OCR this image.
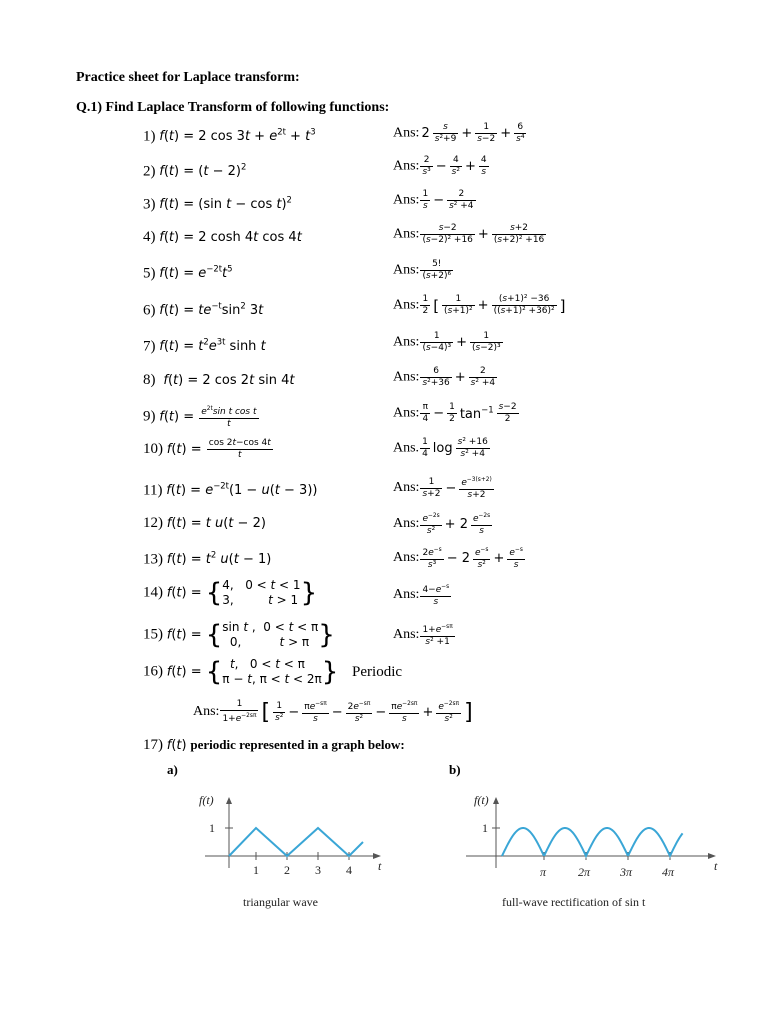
Practice sheet for Laplace transform:
Q.1) Find Laplace Transform of following functions:
1) f(t) = 2 $\cos 3t + e^{2t} + t^3$
2) $f(t) = (t - 2)^2$
3) f(t) = (sin t − cos t)$^2$
4) f(t) = 2 cosh 4t cos 4t
5) $f(t) = e^{-2t}t^5$
6) $f(t) = te^{-t}\sin^2$ 3t
7) $f(t) = t^2e^{3t}$ sinh t
8) f(t) = 2 cos 2t sin 4t
9) $f(t) = \frac{e^{2t}\sin t \cos t}{t}$
10) $f(t) = \frac{\cos 2t-\cos 4t}{t}$
11) $f(t) = e^{-2t}(1 - u(t - 3))$
12) f(t) = t u(t − 2)
13) $f(t) = t^2$ u(t − 1)
14) f(t) = {4,   0 < t < 1
3,         t > 1}
15) f(t) = {sin t ,  0 < t < π
0,          t > π }
16) f(t) = { t,   0 < t < π
π − t, π < t < 2π} Periodic
Ans: $2 \frac{s}{\text{s²+9}} + \frac{1}{s-2} + \frac{6}{\text{s⁴}}$
Ans: $\frac{2}{\text{s³}} - \frac{4}{\text{s²}} + \frac{4}{s}$
Ans: $\frac{1}{s} - \frac{2}{\text{s² +4}}$
Ans: $\frac{s-2}{\text{(s−2)² +16}} + \frac{s+2}{\text{(s+2)² +16}}$
Ans: $\frac{5!}{\text{(s+2)⁶}}$
Ans: $\frac{1}{2}$ [ $\frac{1}{\text{(s+1)²}} + \frac{\text{(s+1)² −36}}{\text{((s+1)² +36)²}}$ ]
Ans: $\frac{1}{\text{(s−4)³}} + \frac{1}{\text{(s−2)³}}$
Ans: $\frac{6}{\text{s²+36}} + \frac{2}{\text{s² +4}}$
Ans: $\frac{\pi}{4} - \frac{1}{2} \tan^{-1} \frac{s-2}{2}$
Ans. $\frac{1}{4}$ $\log \frac{\text{s² +16}}{\text{s² +4}}$
Ans: $\frac{1}{s+2} - \frac{e^{-3(s+2)}}{s+2}$
Ans: $\frac{e^{-2s}}{\text{s²}} + 2 \frac{e^{-2s}}{s}$
Ans: $\frac{2e^{-s}}{\text{s³}} - 2 \frac{e^{-s}}{\text{s²}} + \frac{e^{-s}}{s}$
Ans: $\frac{4-e^{-s}}{s}$
Ans: $\frac{1+e^{-s\pi}}{\text{s² +1}}$
Ans: $\frac{1}{1+e^{-2s\pi}}$ [ $\frac{1}{\text{s²}} - \frac{\pi e^{-s\pi}}{s} - \frac{2e^{-s\pi}}{\text{s²}} - \frac{\pi e^{-2s\pi}}{s} + \frac{e^{-2s\pi}}{\text{s²}}$ ]
17) f(t) periodic represented in a graph below:
a)	b)
f(t)
t
1
1 2 3 4
triangular wave
f(t)
t
1
π	2π 3π 4π
full-wave rectification of sin t
